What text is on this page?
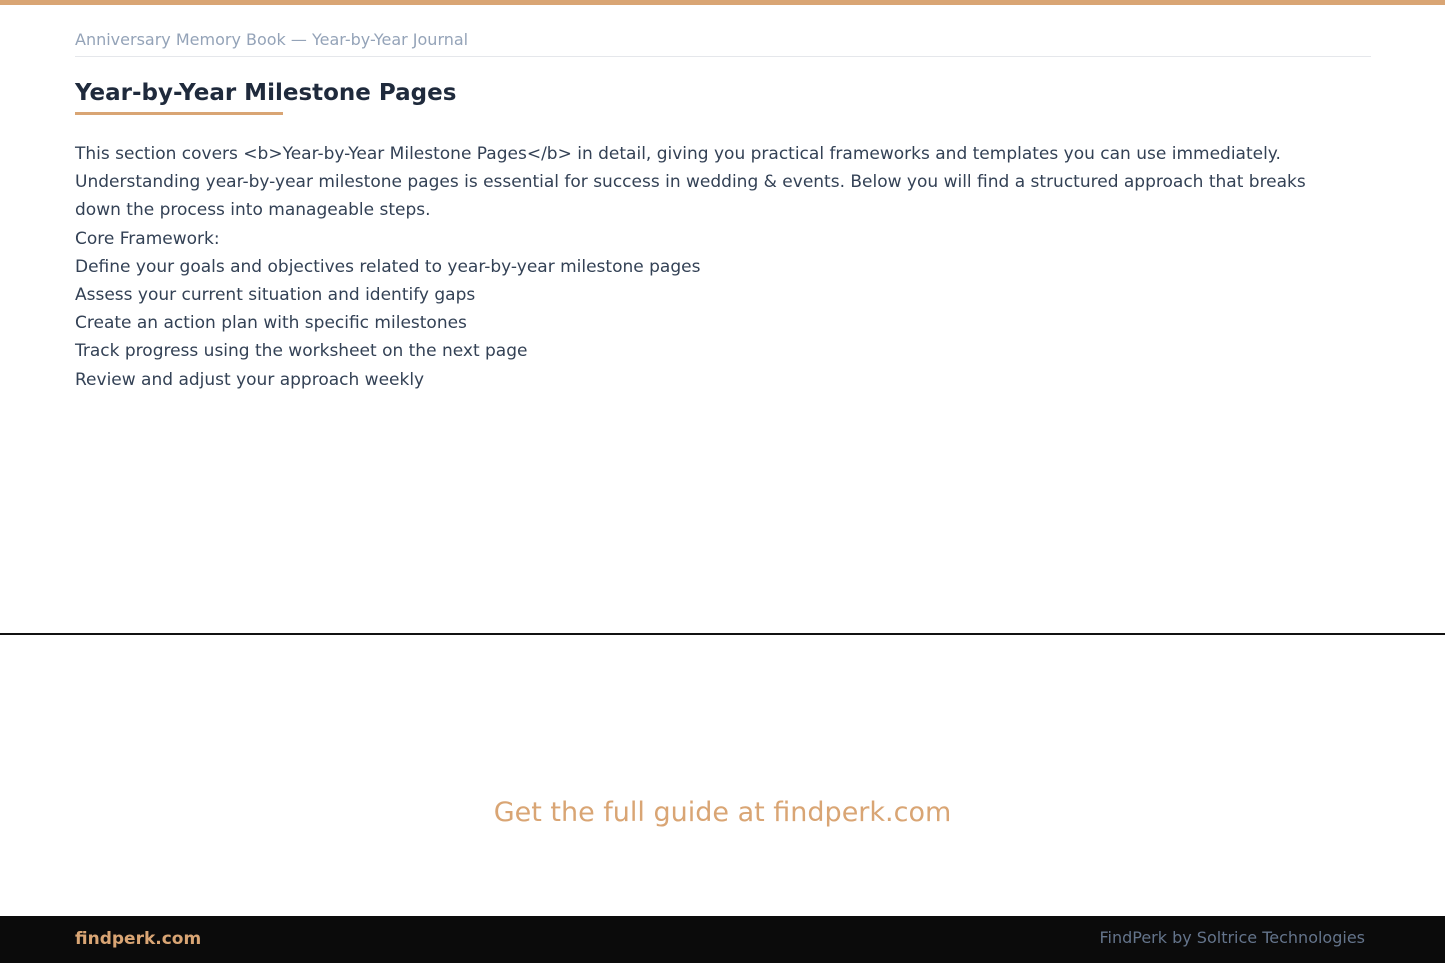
Anniversary Memory Book — Year-by-Year Journal
Year-by-Year Milestone Pages

This section covers <b>Year-by-Year Milestone Pages</b> in detail, giving you practical frameworks and templates you can use immediately. Understanding year-by-year milestone pages is essential for success in wedding & events. Below you will find a structured approach that breaks down the process into manageable steps.

Core Framework:

Define your goals and objectives related to year-by-year milestone pages

Assess your current situation and identify gaps

Create an action plan with specific milestones

Track progress using the worksheet on the next page

Review and adjust your approach weekly

Get the full guide at findperk.com
findperk.com	FindPerk by Soltrice Technologies
